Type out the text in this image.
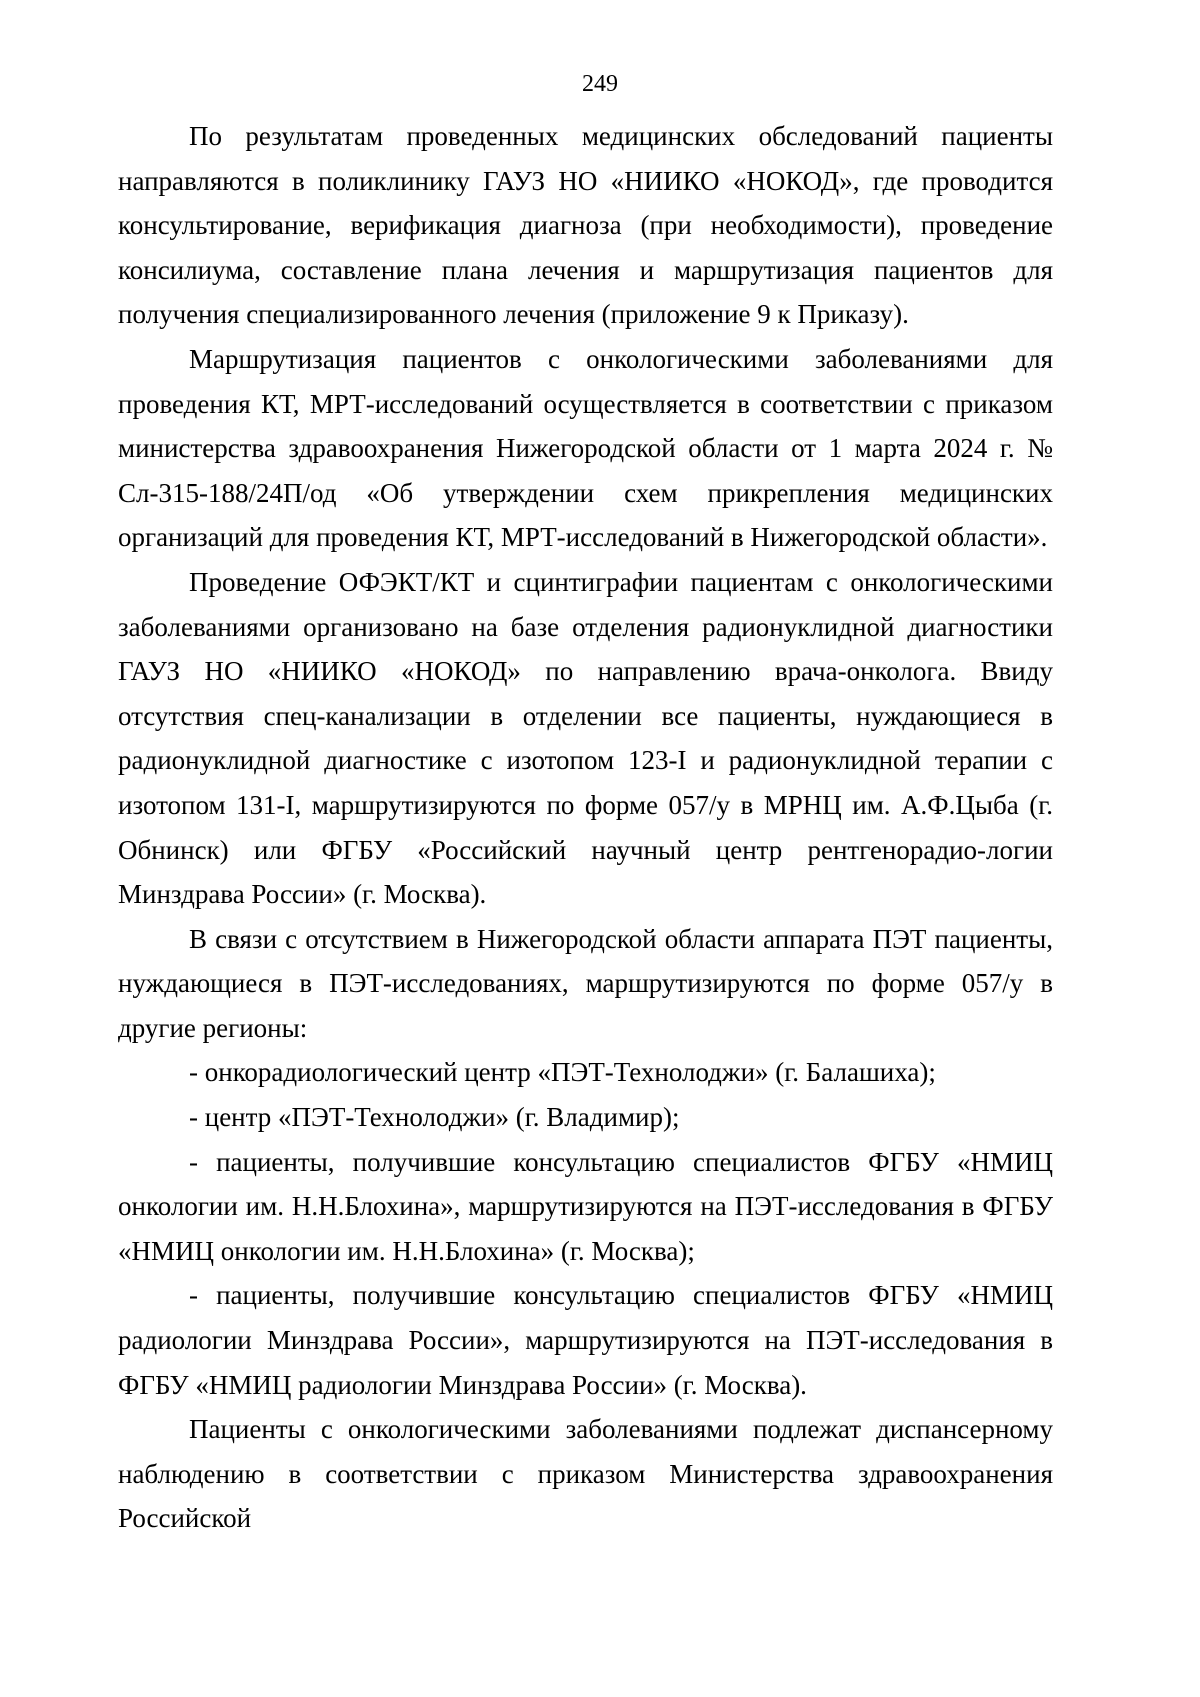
249

По результатам проведенных медицинских обследований пациенты направляются в поликлинику ГАУЗ НО «НИИКО «НОКОД», где проводится консультирование, верификация диагноза (при необходимости), проведение консилиума, составление плана лечения и маршрутизация пациентов для получения специализированного лечения (приложение 9 к Приказу).

Маршрутизация пациентов с онкологическими заболеваниями для проведения КТ, МРТ-исследований осуществляется в соответствии с приказом министерства здравоохранения Нижегородской области от 1 марта 2024 г. № Сл-315-188/24П/од «Об утверждении схем прикрепления медицинских организаций для проведения КТ, МРТ-исследований в Нижегородской области».

Проведение ОФЭКТ/КТ и сцинтиграфии пациентам с онкологическими заболеваниями организовано на базе отделения радионуклидной диагностики ГАУЗ НО «НИИКО «НОКОД» по направлению врача-онколога. Ввиду отсутствия спец-канализации в отделении все пациенты, нуждающиеся в радионуклидной диагностике с изотопом 123-I и радионуклидной терапии с изотопом 131-I, маршрутизируются по форме 057/у в МРНЦ им. А.Ф.Цыба (г. Обнинск) или ФГБУ «Российский научный центр рентгенорадио-логии Минздрава России» (г. Москва).

В связи с отсутствием в Нижегородской области аппарата ПЭТ пациенты, нуждающиеся в ПЭТ-исследованиях, маршрутизируются по форме 057/у в другие регионы:

- онкорадиологический центр «ПЭТ-Технолоджи» (г. Балашиха);

- центр «ПЭТ-Технолоджи» (г. Владимир);

- пациенты, получившие консультацию специалистов ФГБУ «НМИЦ онкологии им. Н.Н.Блохина», маршрутизируются на ПЭТ-исследования в ФГБУ «НМИЦ онкологии им. Н.Н.Блохина» (г. Москва);

- пациенты, получившие консультацию специалистов ФГБУ «НМИЦ радиологии Минздрава России», маршрутизируются на ПЭТ-исследования в ФГБУ «НМИЦ радиологии Минздрава России» (г. Москва).

Пациенты с онкологическими заболеваниями подлежат диспансерному наблюдению в соответствии с приказом Министерства здравоохранения Российской
